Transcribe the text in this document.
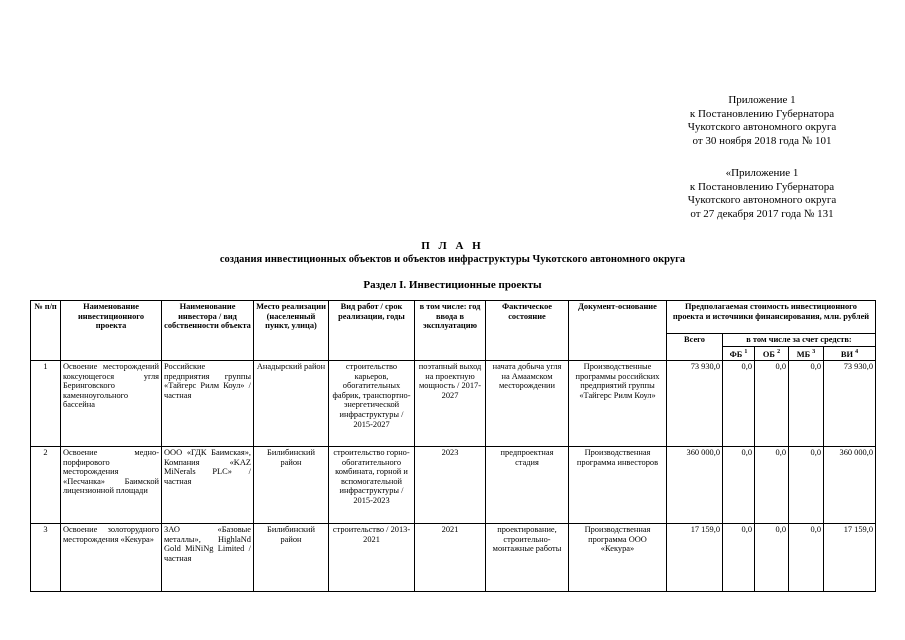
Приложение 1
к Постановлению Губернатора
Чукотского автономного округа
от 30 ноября 2018 года № 101
«Приложение 1
к Постановлению Губернатора
Чукотского автономного округа
от 27 декабря 2017 года № 131
П Л А Н
создания инвестиционных объектов и объектов инфраструктуры Чукотского автономного округа
Раздел I. Инвестиционные проекты
№ п/п	Наименование инвестиционного проекта	Наименование инвестора / вид собственности объекта	Место реализации (населенный пункт, улица)	Вид работ / срок реализации, годы	в том числе: год ввода в эксплуатацию	Фактическое состояние	Документ-основание	Предполагаемая стоимость инвестиционного проекта и источники финансирования, млн. рублей				
								Всего	в том числе за счет средств:			
									ФБ $^1$	ОБ $^2$	МБ $^3$	ВИ $^4$
1	Освоение месторождений коксующегося угля Беринговского каменноугольного бассейна	Российские предприятия группы «Тайгерс Рилм Коул» / частная	Анадырский район	строительство карьеров, обогатительных фабрик, транспортно-энергетической инфраструктуры / 2015-2027	поэтапный выход на проектную мощность / 2017-2027	начата добыча угля на Амаамском месторождении	Производственные программы российских предприятий группы «Тайгерс Рилм Коул»	73 930,0	0,0	0,0	0,0	73 930,0
2	Освоение медно-порфирового месторождения «Песчанка» Баимской лицензионной площади	ООО «ГДК Баимская», Компания «KAZ MiNerals PLC» / частная	Билибинский район	строительство горно-обогатительного комбината, горной и вспомогательной инфраструктуры / 2015-2023	2023	предпроектная стадия	Производственная программа инвесторов	360 000,0	0,0	0,0	0,0	360 000,0
3	Освоение золоторудного месторождения «Кекура»	ЗАО «Базовые металлы», HighlaNd Gold MiNiNg Limited / частная	Билибинский район	строительство / 2013-2021	2021	проектирование, строительно-монтажные работы	Производственная программа ООО «Кекура»	17 159,0	0,0	0,0	0,0	17 159,0
